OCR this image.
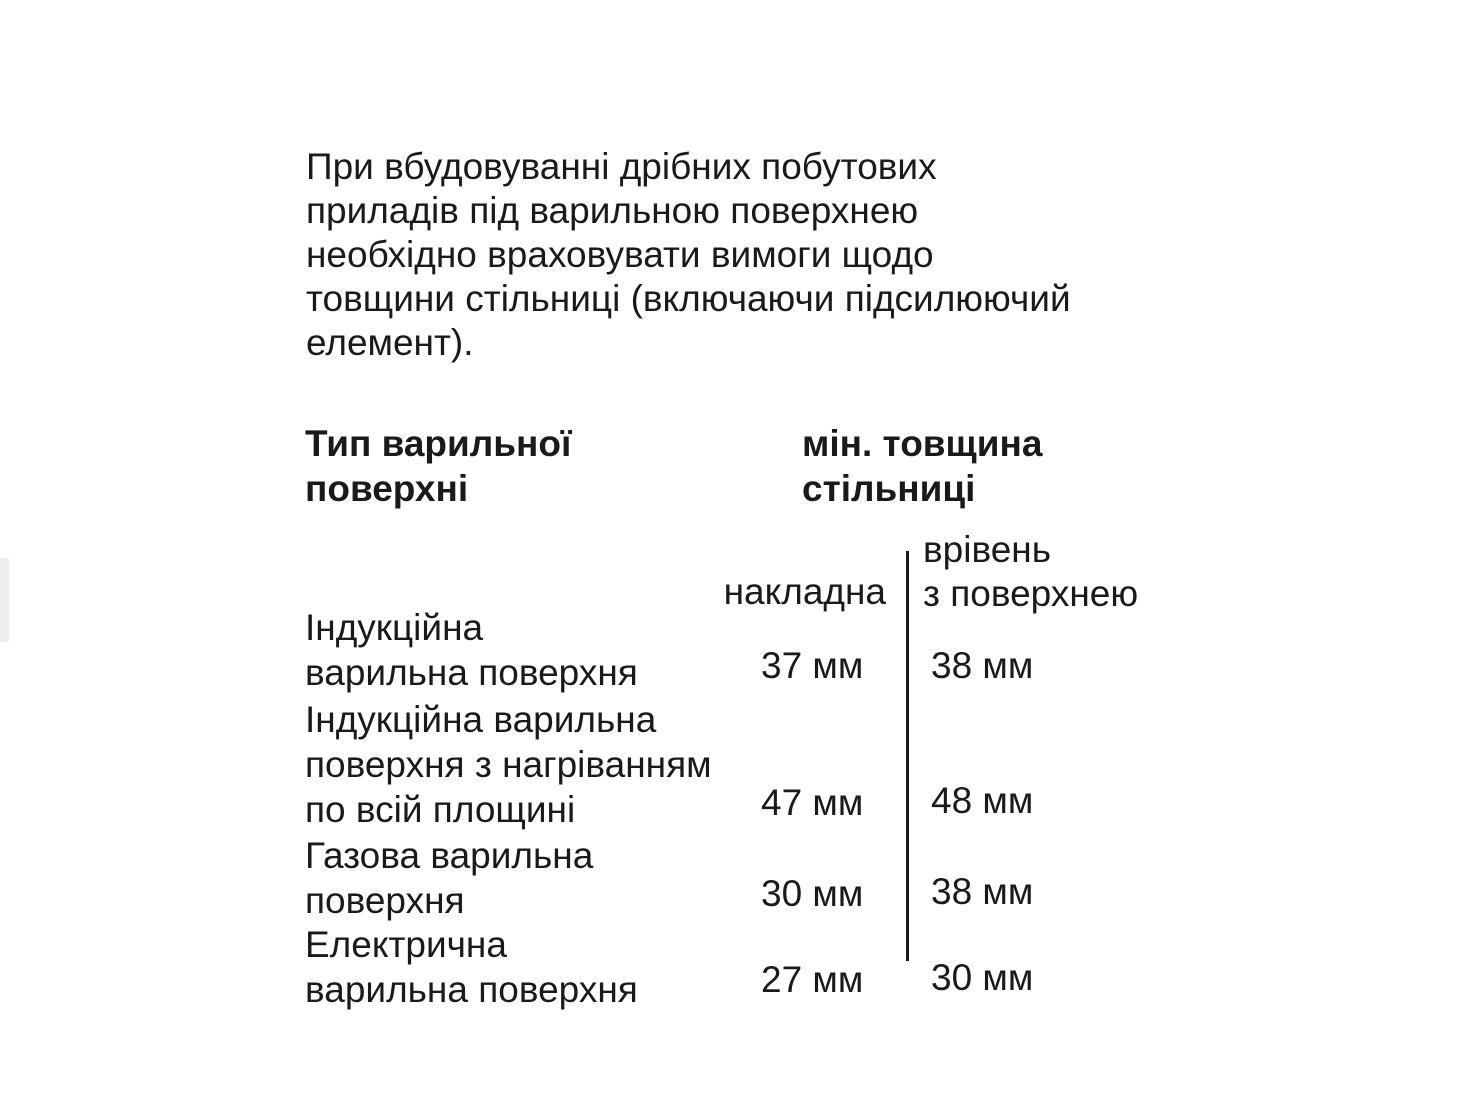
При вбудовуванні дрібних побутових
приладів під варильною поверхнею
необхідно враховувати вимоги щодо
товщини стільниці (включаючи підсилюючий
елемент).

Тип варильної
поверхні
мін. товщина
стільниці
накладна
врівень
з поверхнею
Індукційна
варильна поверхня	37 мм 38 мм
Індукційна варильна
поверхня з нагріванням
по всій площині	47 мм 48 мм
Газова варильна
поверхня	30 мм 38 мм
Електрична
варильна поверхня	27 мм 30 мм
